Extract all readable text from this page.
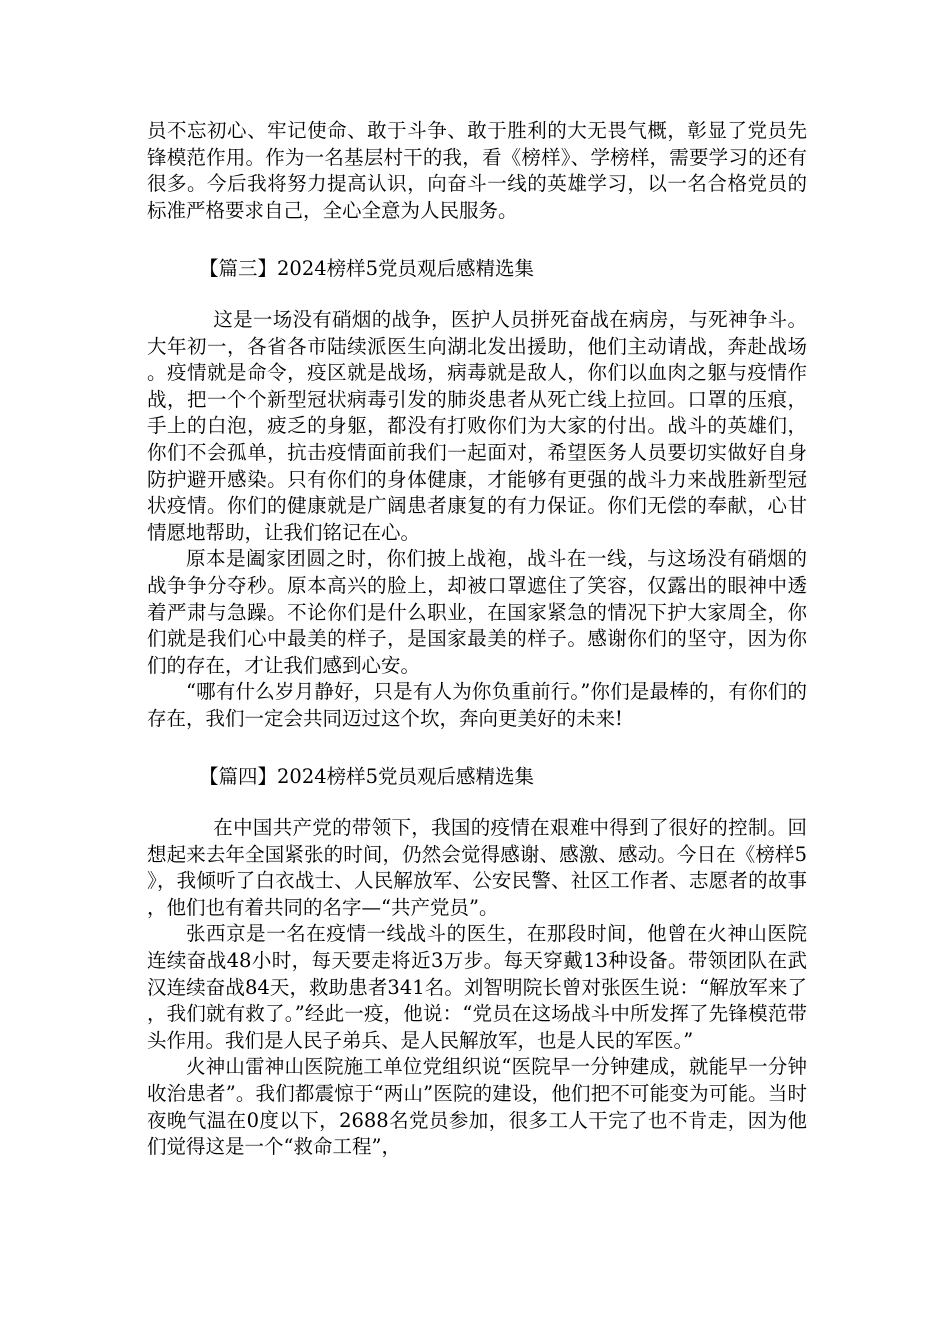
员不忘初心、牢记使命、敢于斗争、敢于胜利的大无畏气概，彰显了党员先锋模范作用。作为一名基层村干的我，看《榜样》、学榜样，需要学习的还有很多。今后我将努力提高认识，向奋斗一线的英雄学习，以一名合格党员的标准严格要求自己，全心全意为人民服务。

【篇三】2024榜样5党员观后感精选集

这是一场没有硝烟的战争，医护人员拼死奋战在病房，与死神争斗。大年初一，各省各市陆续派医生向湖北发出援助，他们主动请战，奔赴战场。疫情就是命令，疫区就是战场，病毒就是敌人，你们以血肉之躯与疫情作战，把一个个新型冠状病毒引发的肺炎患者从死亡线上拉回。口罩的压痕，手上的白泡，疲乏的身躯，都没有打败你们为大家的付出。战斗的英雄们，你们不会孤单，抗击疫情面前我们一起面对，希望医务人员要切实做好自身防护避开感染。只有你们的身体健康，才能够有更强的战斗力来战胜新型冠状疫情。你们的健康就是广阔患者康复的有力保证。你们无偿的奉献，心甘情愿地帮助，让我们铭记在心。

原本是阖家团圆之时，你们披上战袍，战斗在一线，与这场没有硝烟的战争争分夺秒。原本高兴的脸上，却被口罩遮住了笑容，仅露出的眼神中透着严肃与急躁。不论你们是什么职业，在国家紧急的情况下护大家周全，你们就是我们心中最美的样子，是国家最美的样子。感谢你们的坚守，因为你们的存在，才让我们感到心安。

“哪有什么岁月静好，只是有人为你负重前行。”你们是最棒的，有你们的存在，我们一定会共同迈过这个坎，奔向更美好的未来!

【篇四】2024榜样5党员观后感精选集

在中国共产党的带领下，我国的疫情在艰难中得到了很好的控制。回想起来去年全国紧张的时间，仍然会觉得感谢、感激、感动。今日在《榜样5》，我倾听了白衣战士、人民解放军、公安民警、社区工作者、志愿者的故事，他们也有着共同的名字—“共产党员”。

张西京是一名在疫情一线战斗的医生，在那段时间，他曾在火神山医院连续奋战48小时，每天要走将近3万步。每天穿戴13种设备。带领团队在武汉连续奋战84天，救助患者341名。刘智明院长曾对张医生说：“解放军来了，我们就有救了。”经此一疫，他说：“党员在这场战斗中所发挥了先锋模范带头作用。我们是人民子弟兵、是人民解放军，也是人民的军医。”

火神山雷神山医院施工单位党组织说“医院早一分钟建成，就能早一分钟收治患者”。我们都震惊于“两山”医院的建设，他们把不可能变为可能。当时夜晚气温在0度以下，2688名党员参加，很多工人干完了也不肯走，因为他们觉得这是一个“救命工程”，
